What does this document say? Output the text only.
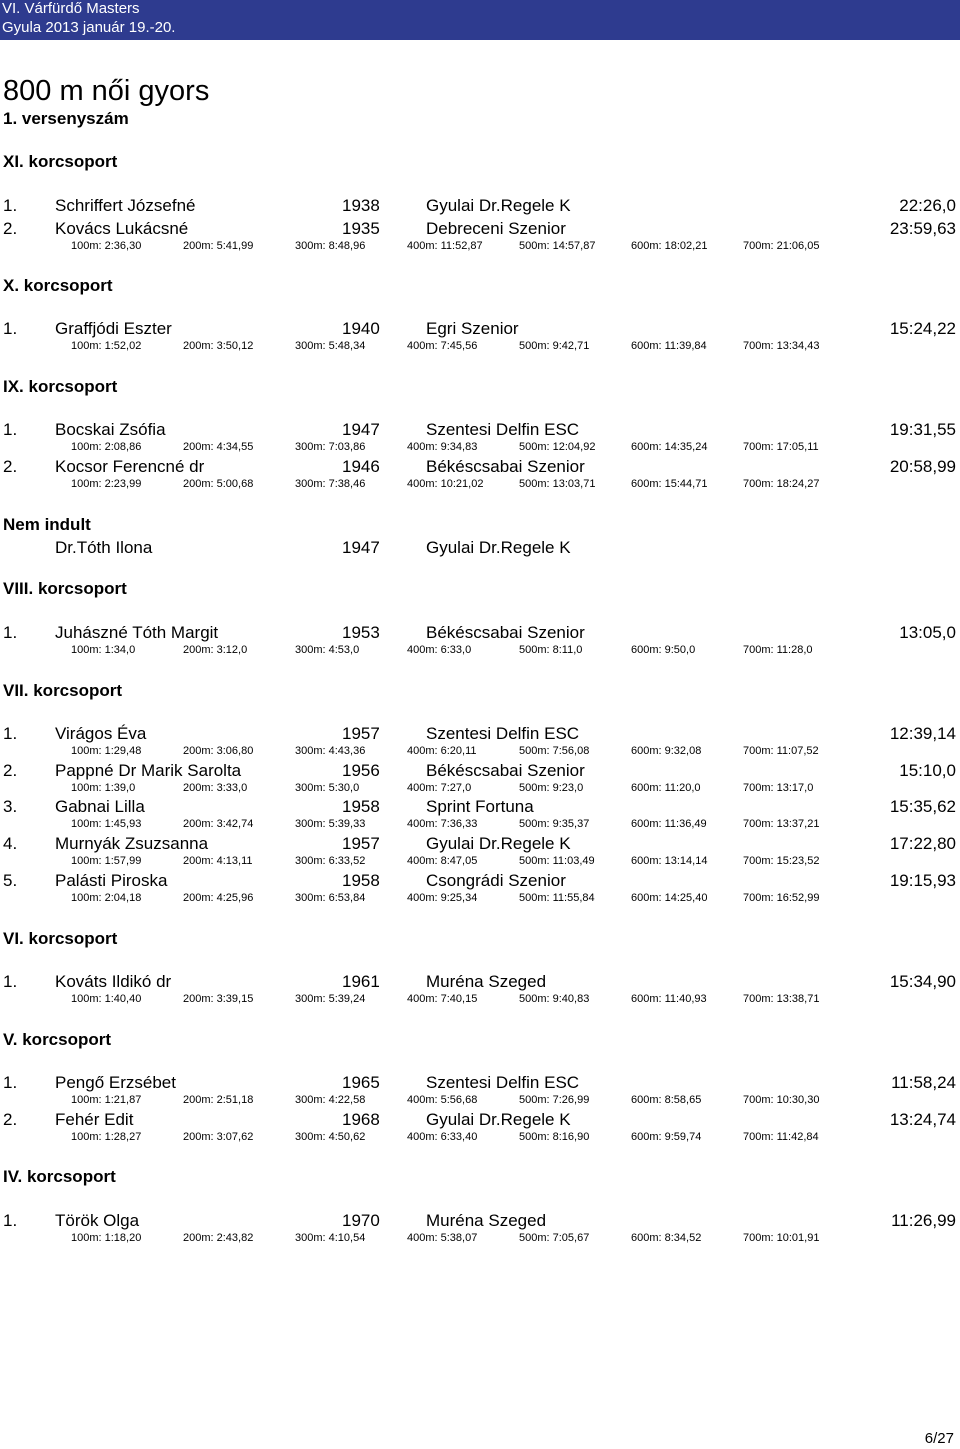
VI. Várfürdő Masters
Gyula 2013 január 19.-20.
800 m női gyors
1. versenyszám
XI. korcsoport
1. Schriffert Józsefné	1938	Gyulai Dr.Regele K	22:26,0
2. Kovács Lukácsné	1935	Debreceni Szenior	23:59,63
100m: 2:36,30	200m: 5:41,99	300m: 8:48,96	400m: 11:52,87	500m: 14:57,87	600m: 18:02,21	700m: 21:06,05
X. korcsoport
1. Graffjódi Eszter	1940	Egri Szenior	15:24,22
100m: 1:52,02	200m: 3:50,12	300m: 5:48,34	400m: 7:45,56	500m: 9:42,71	600m: 11:39,84	700m: 13:34,43
IX. korcsoport
1. Bocskai Zsófia	1947	Szentesi Delfin ESC	19:31,55
100m: 2:08,86	200m: 4:34,55	300m: 7:03,86	400m: 9:34,83	500m: 12:04,92	600m: 14:35,24	700m: 17:05,11
2. Kocsor Ferencné dr	1946	Békéscsabai Szenior	20:58,99
100m: 2:23,99	200m: 5:00,68	300m: 7:38,46	400m: 10:21,02	500m: 13:03,71	600m: 15:44,71	700m: 18:24,27
Nem indult
Dr.Tóth Ilona	1947	Gyulai Dr.Regele K
VIII. korcsoport
1. Juhászné Tóth Margit	1953	Békéscsabai Szenior	13:05,0
100m: 1:34,0	200m: 3:12,0	300m: 4:53,0	400m: 6:33,0	500m: 8:11,0	600m: 9:50,0	700m: 11:28,0
VII. korcsoport
1. Virágos Éva	1957	Szentesi Delfin ESC	12:39,14
100m: 1:29,48	200m: 3:06,80	300m: 4:43,36	400m: 6:20,11	500m: 7:56,08	600m: 9:32,08	700m: 11:07,52
2. Pappné Dr Marik Sarolta	1956	Békéscsabai Szenior	15:10,0
100m: 1:39,0	200m: 3:33,0	300m: 5:30,0	400m: 7:27,0	500m: 9:23,0	600m: 11:20,0	700m: 13:17,0
3. Gabnai Lilla	1958	Sprint Fortuna	15:35,62
100m: 1:45,93	200m: 3:42,74	300m: 5:39,33	400m: 7:36,33	500m: 9:35,37	600m: 11:36,49	700m: 13:37,21
4. Murnyák Zsuzsanna	1957	Gyulai Dr.Regele K	17:22,80
100m: 1:57,99	200m: 4:13,11	300m: 6:33,52	400m: 8:47,05	500m: 11:03,49	600m: 13:14,14	700m: 15:23,52
5. Palásti Piroska	1958	Csongrádi Szenior	19:15,93
100m: 2:04,18	200m: 4:25,96	300m: 6:53,84	400m: 9:25,34	500m: 11:55,84	600m: 14:25,40	700m: 16:52,99
VI. korcsoport
1. Kováts Ildikó dr	1961	Muréna Szeged	15:34,90
100m: 1:40,40	200m: 3:39,15	300m: 5:39,24	400m: 7:40,15	500m: 9:40,83	600m: 11:40,93	700m: 13:38,71
V. korcsoport
1. Pengő Erzsébet	1965	Szentesi Delfin ESC	11:58,24
100m: 1:21,87	200m: 2:51,18	300m: 4:22,58	400m: 5:56,68	500m: 7:26,99	600m: 8:58,65	700m: 10:30,30
2. Fehér Edit	1968	Gyulai Dr.Regele K	13:24,74
100m: 1:28,27	200m: 3:07,62	300m: 4:50,62	400m: 6:33,40	500m: 8:16,90	600m: 9:59,74	700m: 11:42,84
IV. korcsoport
1. Török Olga	1970	Muréna Szeged	11:26,99
100m: 1:18,20	200m: 2:43,82	300m: 4:10,54	400m: 5:38,07	500m: 7:05,67	600m: 8:34,52	700m: 10:01,91
6/27
